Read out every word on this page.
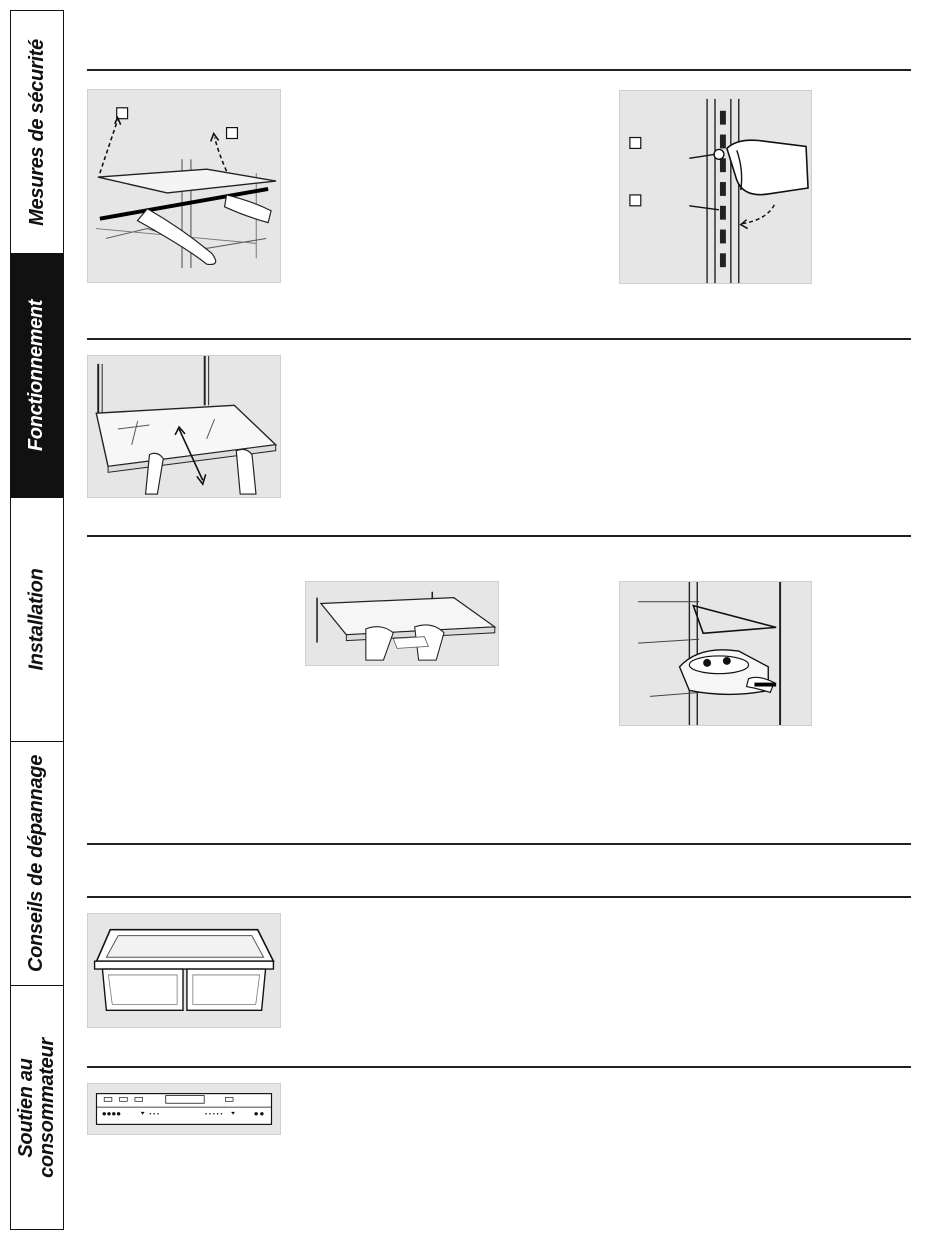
Mesures de sécurité
Fonctionnement
Installation
Conseils de dépannage
Soutien au consommateur
